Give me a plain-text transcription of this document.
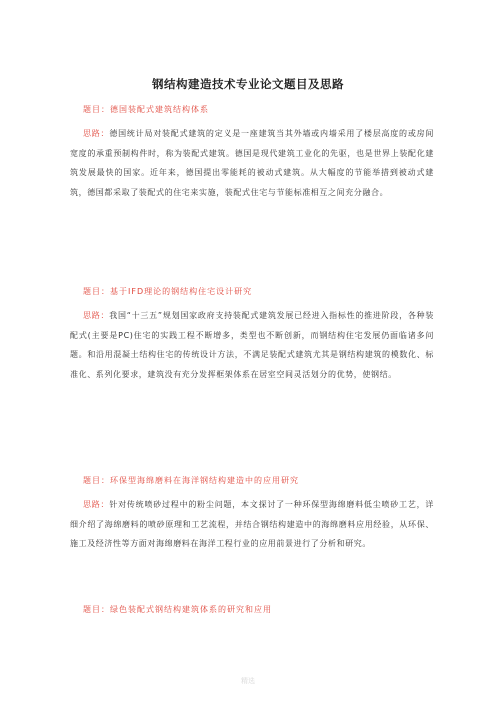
钢结构建造技术专业论文题目及思路
题目：德国装配式建筑结构体系

思路：德国统计局对装配式建筑的定义是一座建筑当其外墙或内墙采用了楼层高度的或房间宽度的承重预制构件时，称为装配式建筑。德国是现代建筑工业化的先驱，也是世界上装配化建筑发展最快的国家。近年来，德国提出零能耗的被动式建筑。从大幅度的节能举措到被动式建筑，德国都采取了装配式的住宅来实施，装配式住宅与节能标准相互之间充分融合。

题目：基于IFD理论的钢结构住宅设计研究

思路：我国“十三五”规划国家政府支持装配式建筑发展已经进入指标性的推进阶段，各种装配式(主要是PC)住宅的实践工程不断增多，类型也不断创新，而钢结构住宅发展仍面临诸多问题。和沿用混凝土结构住宅的传统设计方法，不满足装配式建筑尤其是钢结构建筑的模数化、标准化、系列化要求，建筑没有充分发挥框架体系在居室空间灵活划分的优势，使钢结。

题目：环保型海绵磨料在海洋钢结构建造中的应用研究

思路：针对传统喷砂过程中的粉尘问题，本文探讨了一种环保型海绵磨料低尘喷砂工艺，详细介绍了海绵磨料的喷砂原理和工艺流程，并结合钢结构建造中的海绵磨料应用经验，从环保、施工及经济性等方面对海绵磨料在海洋工程行业的应用前景进行了分析和研究。

题目：绿色装配式钢结构建筑体系的研究和应用
精选
